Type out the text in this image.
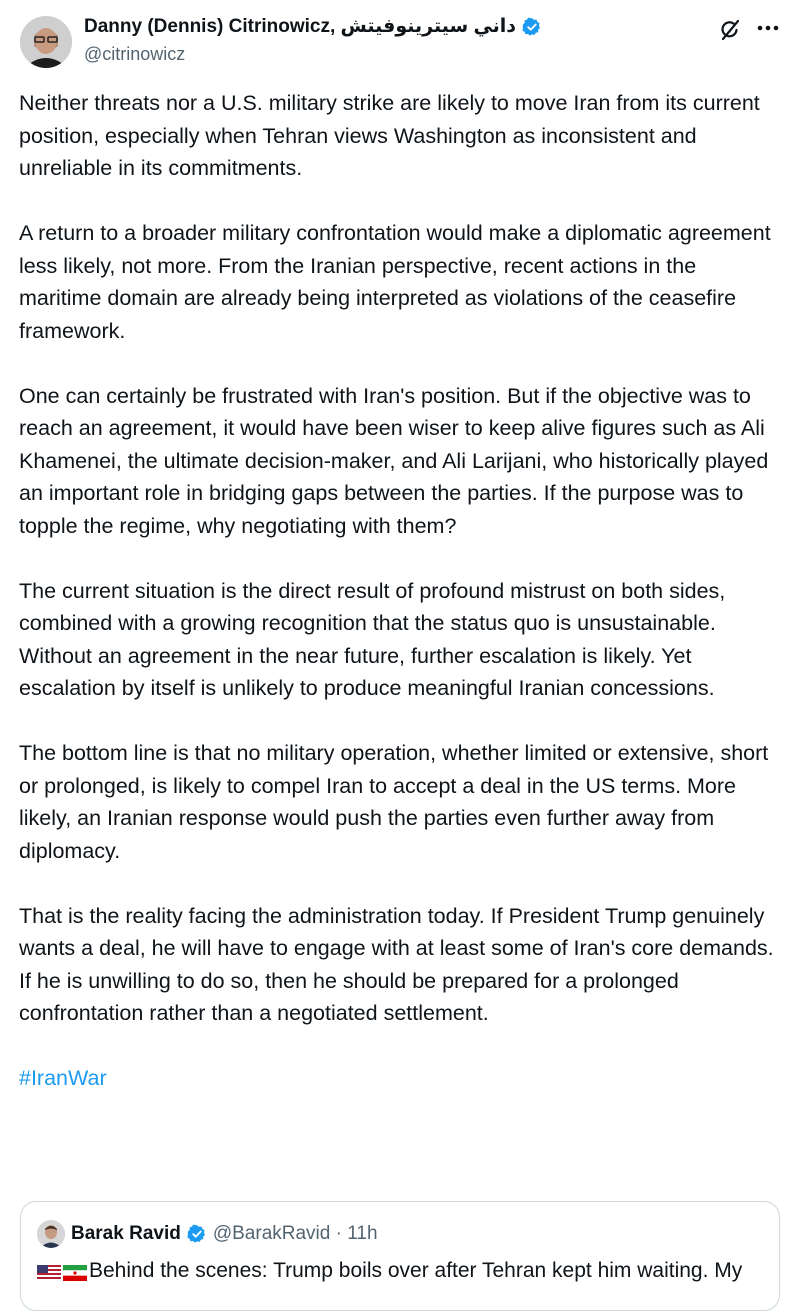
Danny (Dennis) Citrinowicz, داني سيترينوفيتش
@citrinowicz

Neither threats nor a U.S. military strike are likely to move Iran from its current position, especially when Tehran views Washington as inconsistent and unreliable in its commitments.

A return to a broader military confrontation would make a diplomatic agreement less likely, not more. From the Iranian perspective, recent actions in the maritime domain are already being interpreted as violations of the ceasefire framework.

One can certainly be frustrated with Iran's position. But if the objective was to reach an agreement, it would have been wiser to keep alive figures such as Ali Khamenei, the ultimate decision-maker, and Ali Larijani, who historically played an important role in bridging gaps between the parties. If the purpose was to topple the regime, why negotiating with them?

The current situation is the direct result of profound mistrust on both sides, combined with a growing recognition that the status quo is unsustainable. Without an agreement in the near future, further escalation is likely. Yet escalation by itself is unlikely to produce meaningful Iranian concessions.

The bottom line is that no military operation, whether limited or extensive, short or prolonged, is likely to compel Iran to accept a deal in the US terms. More likely, an Iranian response would push the parties even further away from diplomacy.

That is the reality facing the administration today. If President Trump genuinely wants a deal, he will have to engage with at least some of Iran's core demands. If he is unwilling to do so, then he should be prepared for a prolonged confrontation rather than a negotiated settlement.

#IranWar

Barak Ravid @BarakRavid · 11h
Behind the scenes: Trump boils over after Tehran kept him waiting. My
